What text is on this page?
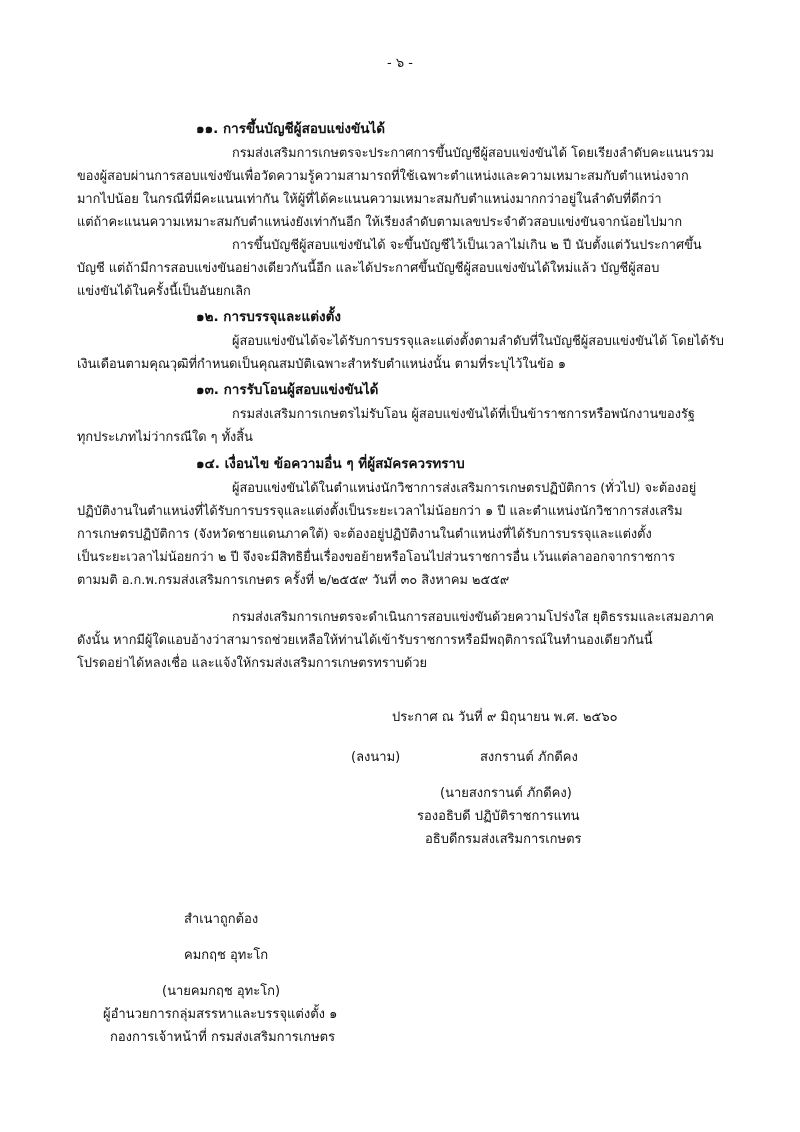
- ๖ -
๑๑. การขึ้นบัญชีผู้สอบแข่งขันได้
กรมส่งเสริมการเกษตรจะประกาศการขึ้นบัญชีผู้สอบแข่งขันได้ โดยเรียงลำดับคะแนนรวม
ของผู้สอบผ่านการสอบแข่งขันเพื่อวัดความรู้ความสามารถที่ใช้เฉพาะตำแหน่งและความเหมาะสมกับตำแหน่งจาก
มากไปน้อย ในกรณีที่มีคะแนนเท่ากัน ให้ผู้ที่ได้คะแนนความเหมาะสมกับตำแหน่งมากกว่าอยู่ในลำดับที่ดีกว่า
แต่ถ้าคะแนนความเหมาะสมกับตำแหน่งยังเท่ากันอีก ให้เรียงลำดับตามเลขประจำตัวสอบแข่งขันจากน้อยไปมาก
การขึ้นบัญชีผู้สอบแข่งขันได้ จะขึ้นบัญชีไว้เป็นเวลาไม่เกิน ๒ ปี นับตั้งแต่วันประกาศขึ้น
บัญชี แต่ถ้ามีการสอบแข่งขันอย่างเดียวกันนี้อีก และได้ประกาศขึ้นบัญชีผู้สอบแข่งขันได้ใหม่แล้ว บัญชีผู้สอบ
แข่งขันได้ในครั้งนี้เป็นอันยกเลิก
๑๒. การบรรจุและแต่งตั้ง
ผู้สอบแข่งขันได้จะได้รับการบรรจุและแต่งตั้งตามลำดับที่ในบัญชีผู้สอบแข่งขันได้ โดยได้รับ
เงินเดือนตามคุณวุฒิที่กำหนดเป็นคุณสมบัติเฉพาะสำหรับตำแหน่งนั้น ตามที่ระบุไว้ในข้อ ๑
๑๓. การรับโอนผู้สอบแข่งขันได้
กรมส่งเสริมการเกษตรไม่รับโอน ผู้สอบแข่งขันได้ที่เป็นข้าราชการหรือพนักงานของรัฐ
ทุกประเภทไม่ว่ากรณีใด ๆ ทั้งสิ้น
๑๔. เงื่อนไข ข้อความอื่น ๆ ที่ผู้สมัครควรทราบ
ผู้สอบแข่งขันได้ในตำแหน่งนักวิชาการส่งเสริมการเกษตรปฏิบัติการ (ทั่วไป) จะต้องอยู่
ปฏิบัติงานในตำแหน่งที่ได้รับการบรรจุและแต่งตั้งเป็นระยะเวลาไม่น้อยกว่า ๑ ปี และตำแหน่งนักวิชาการส่งเสริม
การเกษตรปฏิบัติการ (จังหวัดชายแดนภาคใต้) จะต้องอยู่ปฏิบัติงานในตำแหน่งที่ได้รับการบรรจุและแต่งตั้ง
เป็นระยะเวลาไม่น้อยกว่า ๒ ปี จึงจะมีสิทธิยื่นเรื่องขอย้ายหรือโอนไปส่วนราชการอื่น เว้นแต่ลาออกจากราชการ
ตามมติ อ.ก.พ.กรมส่งเสริมการเกษตร ครั้งที่ ๒/๒๕๕๙ วันที่ ๓๐ สิงหาคม ๒๕๕๙
กรมส่งเสริมการเกษตรจะดำเนินการสอบแข่งขันด้วยความโปร่งใส ยุติธรรมและเสมอภาค
ดังนั้น หากมีผู้ใดแอบอ้างว่าสามารถช่วยเหลือให้ท่านได้เข้ารับราชการหรือมีพฤติการณ์ในทำนองเดียวกันนี้
โปรดอย่าได้หลงเชื่อ และแจ้งให้กรมส่งเสริมการเกษตรทราบด้วย
ประกาศ ณ วันที่ ๙ มิถุนายน พ.ศ. ๒๕๖๐
(ลงนาม)	สงกรานต์ ภักดีคง
(นายสงกรานต์ ภักดีคง)
รองอธิบดี ปฏิบัติราชการแทน
อธิบดีกรมส่งเสริมการเกษตร
สำเนาถูกต้อง
คมกฤช อุทะโก
(นายคมกฤช อุทะโก)
ผู้อำนวยการกลุ่มสรรหาและบรรจุแต่งตั้ง ๑
กองการเจ้าหน้าที่ กรมส่งเสริมการเกษตร
